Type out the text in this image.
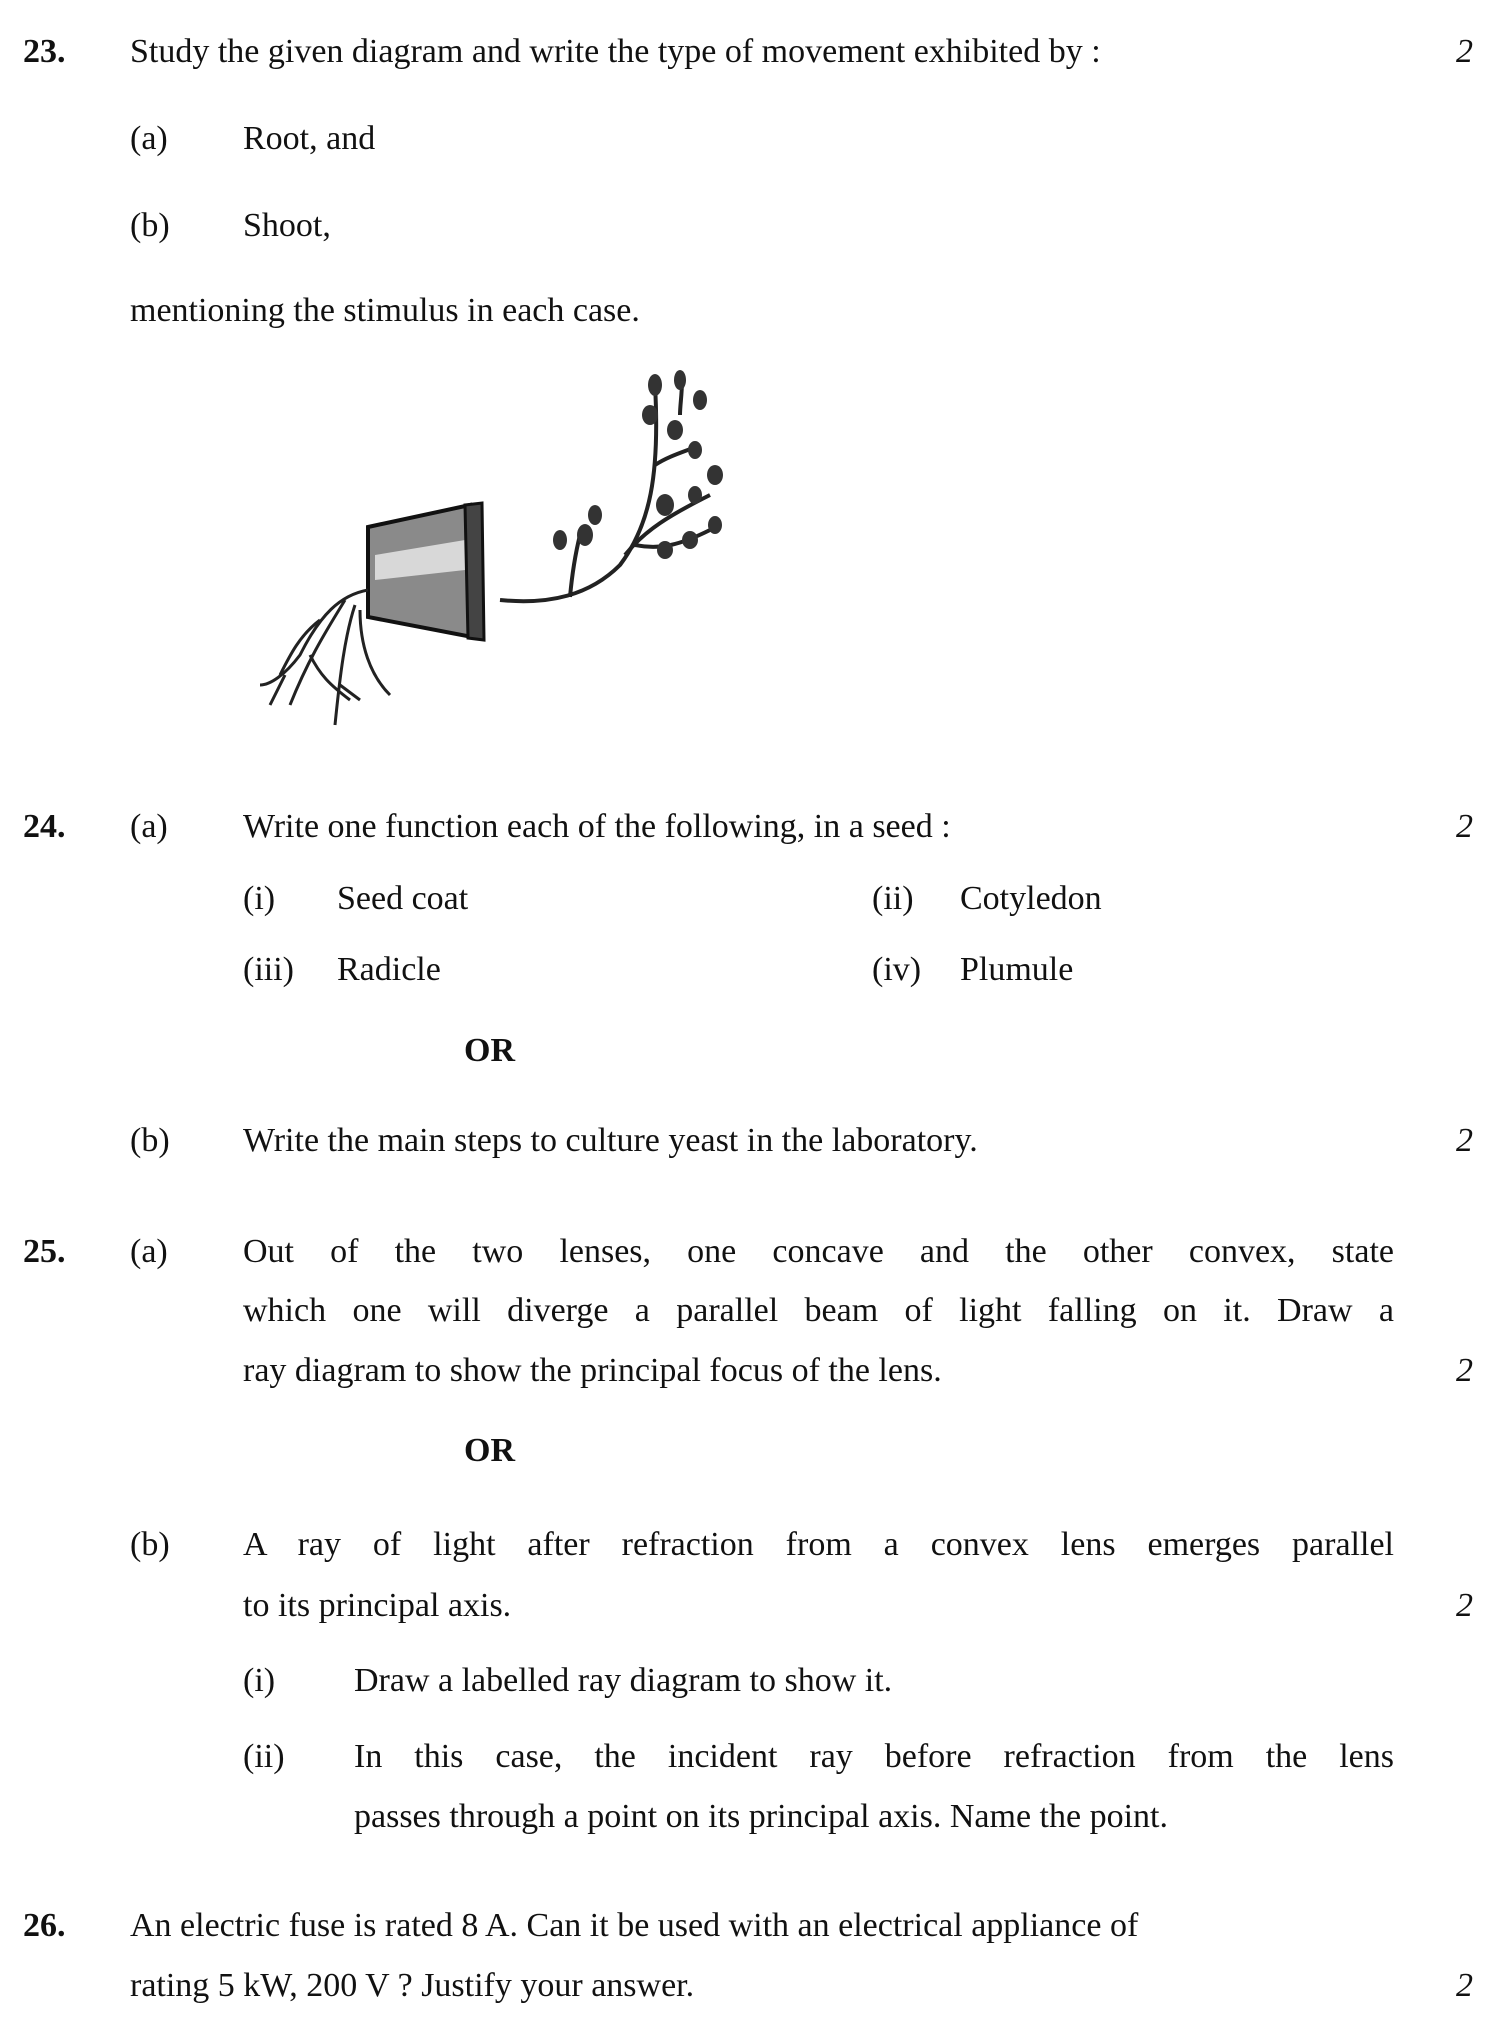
23. Study the given diagram and write the type of movement exhibited by :	2
(a) Root, and
(b) Shoot,
mentioning the stimulus in each case.
24. (a) Write one function each of the following, in a seed :	2
(i) Seed coat	(ii) Cotyledon
(iii) Radicle	(iv) Plumule
OR
(b) Write the main steps to culture yeast in the laboratory.	2
25. (a) Out of the two lenses, one concave and the other convex, state
which one will diverge a parallel beam of light falling on it. Draw a
ray diagram to show the principal focus of the lens.	2
OR
(b) A ray of light after refraction from a convex lens emerges parallel
to its principal axis.	2
(i) Draw a labelled ray diagram to show it.
(ii) In this case, the incident ray before refraction from the lens
passes through a point on its principal axis. Name the point.
26. An electric fuse is rated 8 A. Can it be used with an electrical appliance of
rating 5 kW, 200 V ? Justify your answer.	2
